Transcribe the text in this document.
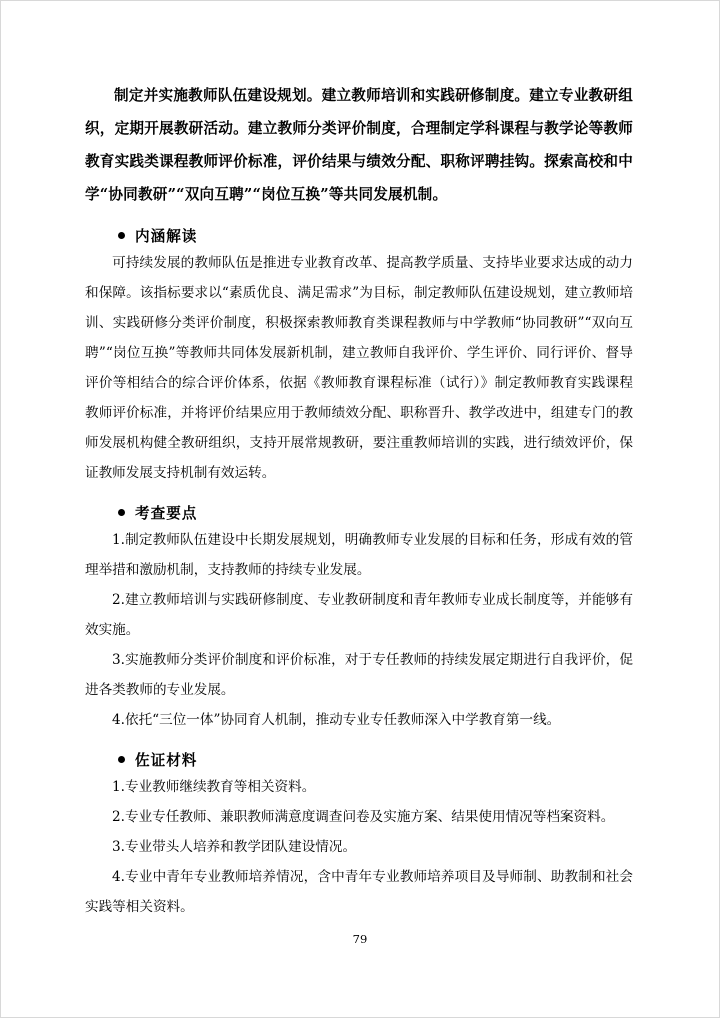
制定并实施教师队伍建设规划。建立教师培训和实践研修制度。建立专业教研组织，定期开展教研活动。建立教师分类评价制度，合理制定学科课程与教学论等教师教育实践类课程教师评价标准，评价结果与绩效分配、职称评聘挂钩。探索高校和中学“协同教研”“双向互聘”“岗位互换”等共同发展机制。

内涵解读

可持续发展的教师队伍是推进专业教育改革、提高教学质量、支持毕业要求达成的动力和保障。该指标要求以“素质优良、满足需求”为目标，制定教师队伍建设规划，建立教师培训、实践研修分类评价制度，积极探索教师教育类课程教师与中学教师“协同教研”“双向互聘”“岗位互换”等教师共同体发展新机制，建立教师自我评价、学生评价、同行评价、督导评价等相结合的综合评价体系，依据《教师教育课程标准（试行）》制定教师教育实践课程教师评价标准，并将评价结果应用于教师绩效分配、职称晋升、教学改进中，组建专门的教师发展机构健全教研组织，支持开展常规教研，要注重教师培训的实践，进行绩效评价，保证教师发展支持机制有效运转。

考查要点

1.制定教师队伍建设中长期发展规划，明确教师专业发展的目标和任务，形成有效的管理举措和激励机制，支持教师的持续专业发展。

2.建立教师培训与实践研修制度、专业教研制度和青年教师专业成长制度等，并能够有效实施。

3.实施教师分类评价制度和评价标准，对于专任教师的持续发展定期进行自我评价，促进各类教师的专业发展。

4.依托“三位一体”协同育人机制，推动专业专任教师深入中学教育第一线。

佐证材料

1.专业教师继续教育等相关资料。

2.专业专任教师、兼职教师满意度调查问卷及实施方案、结果使用情况等档案资料。

3.专业带头人培养和教学团队建设情况。

4.专业中青年专业教师培养情况，含中青年专业教师培养项目及导师制、助教制和社会实践等相关资料。

79
